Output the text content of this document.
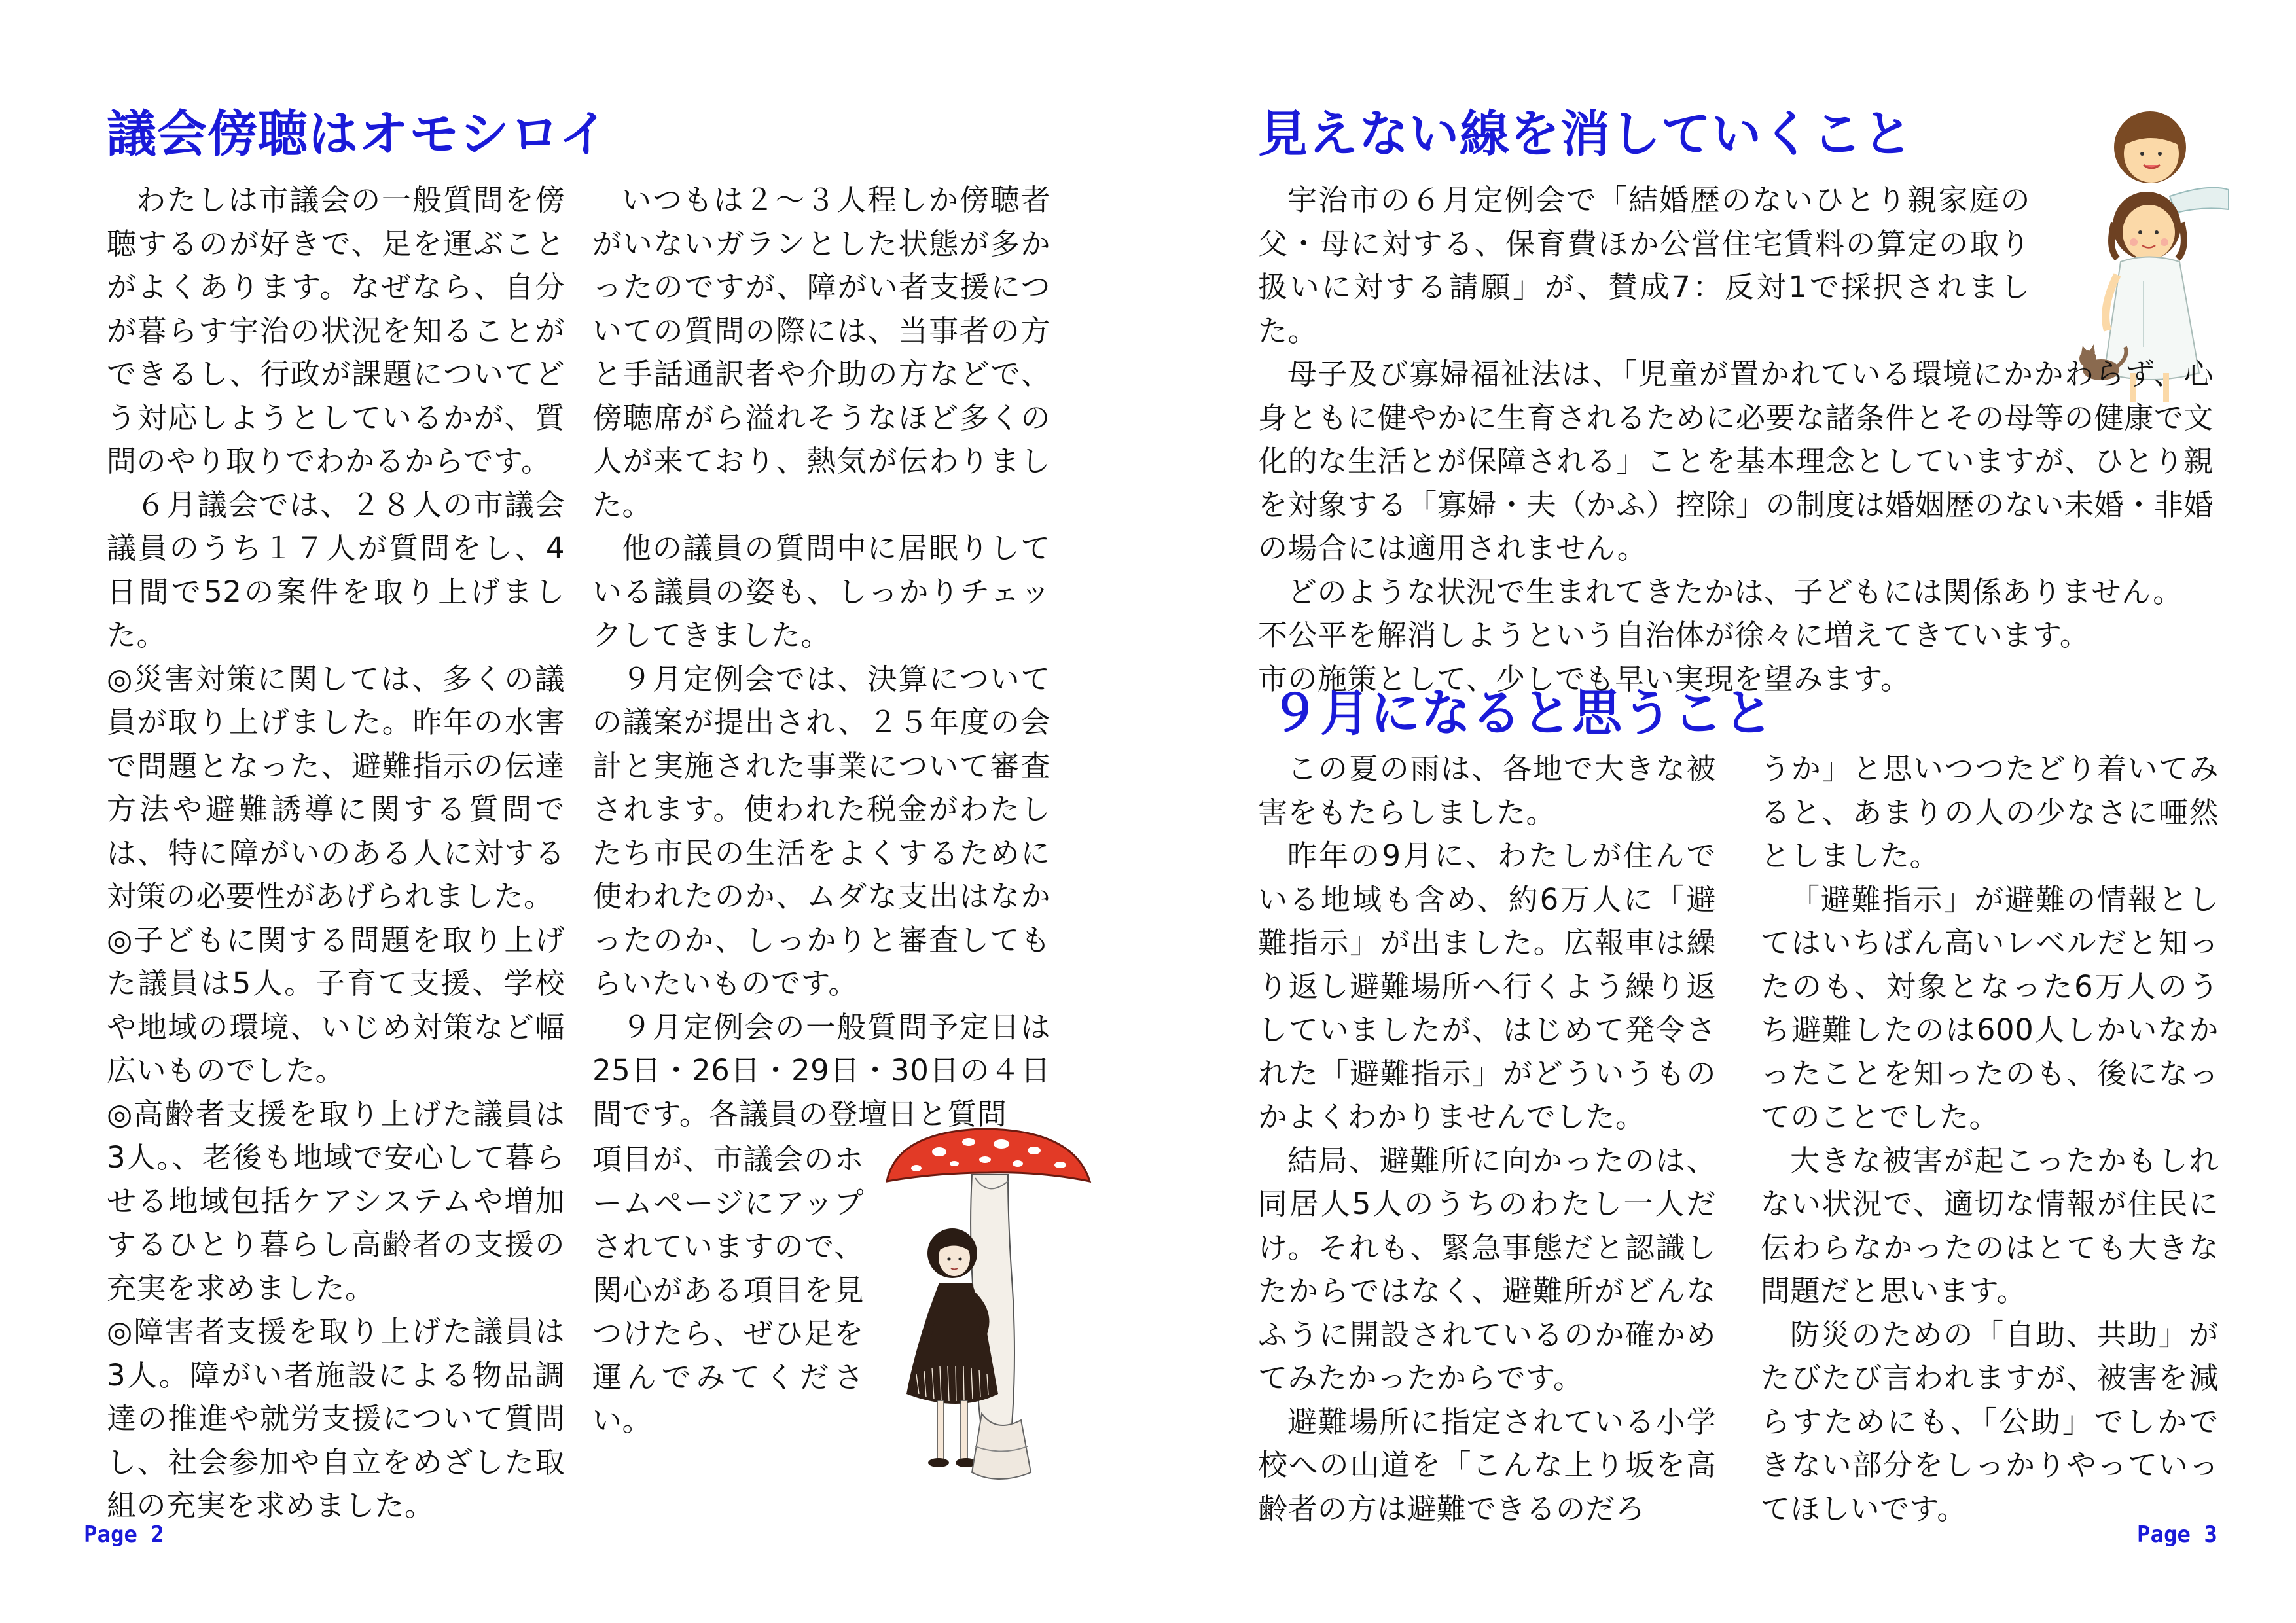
議会傍聴はオモシロイ

わたしは市議会の一般質問を傍聴するのが好きで、足を運ぶことがよくあります。なぜなら、自分が暮らす宇治の状況を知ることができるし、行政が課題についてどう対応しようとしているかが、質問のやり取りでわかるからです。

６月議会では、２８人の市議会議員のうち１７人が質問をし、4日間で52の案件を取り上げました。

◎災害対策に関しては、多くの議員が取り上げました。昨年の水害で問題となった、避難指示の伝達方法や避難誘導に関する質問では、特に障がいのある人に対する対策の必要性があげられました。

◎子どもに関する問題を取り上げた議員は5人。子育て支援、学校や地域の環境、いじめ対策など幅広いものでした。

◎高齢者支援を取り上げた議員は3人。、老後も地域で安心して暮らせる地域包括ケアシステムや増加するひとり暮らし高齢者の支援の充実を求めました。

◎障害者支援を取り上げた議員は3人。障がい者施設による物品調達の推進や就労支援について質問し、社会参加や自立をめざした取組の充実を求めました。

いつもは２～３人程しか傍聴者がいないガランとした状態が多かったのですが、障がい者支援についての質問の際には、当事者の方と手話通訳者や介助の方などで、傍聴席がら溢れそうなほど多くの人が来ており、熱気が伝わりました。

他の議員の質問中に居眠りしている議員の姿も、しっかりチェックしてきました。

９月定例会では、決算についての議案が提出され、２５年度の会計と実施された事業について審査されます。使われた税金がわたしたち市民の生活をよくするために使われたのか、ムダな支出はなかったのか、しっかりと審査してもらいたいものです。

９月定例会の一般質問予定日は25日・26日・29日・30日の４日間です。各議員の登壇日と質問

項目が、市議会のホームページにアップされていますので、関心がある項目を見つけたら、ぜひ足を運んでみてください。

Page 2
見えない線を消していくこと

宇治市の６月定例会で「結婚歴のないひとり親家庭の父・母に対する、保育費ほか公営住宅賃料の算定の取り扱いに対する請願」が、賛成7：反対1で採択されました。

母子及び寡婦福祉法は、「児童が置かれている環境にかかわらず、心身ともに健やかに生育されるために必要な諸条件とその母等の健康で文化的な生活とが保障される」ことを基本理念としていますが、ひとり親を対象する「寡婦・夫（かふ）控除」の制度は婚姻歴のない未婚・非婚の場合には適用されません。

どのような状況で生まれてきたかは、子どもには関係ありません。

不公平を解消しようという自治体が徐々に増えてきています。

市の施策として、少しでも早い実現を望みます。

９月になると思うこと

この夏の雨は、各地で大きな被害をもたらしました。

昨年の9月に、わたしが住んでいる地域も含め、約6万人に「避難指示」が出ました。広報車は繰り返し避難場所へ行くよう繰り返していましたが、はじめて発令された「避難指示」がどういうものかよくわかりませんでした。

結局、避難所に向かったのは、同居人5人のうちのわたし一人だけ。それも、緊急事態だと認識したからではなく、避難所がどんなふうに開設されているのか確かめてみたかったからです。

避難場所に指定されている小学校への山道を「こんな上り坂を高齢者の方は避難できるのだろ

うか」と思いつつたどり着いてみると、あまりの人の少なさに唖然としました。

「避難指示」が避難の情報としてはいちばん高いレベルだと知ったのも、対象となった6万人のうち避難したのは600人しかいなかったことを知ったのも、後になってのことでした。

大きな被害が起こったかもしれない状況で、適切な情報が住民に伝わらなかったのはとても大きな問題だと思います。

防災のための「自助、共助」がたびたび言われますが、被害を減らすためにも、「公助」でしかできない部分をしっかりやっていってほしいです。

Page 3
